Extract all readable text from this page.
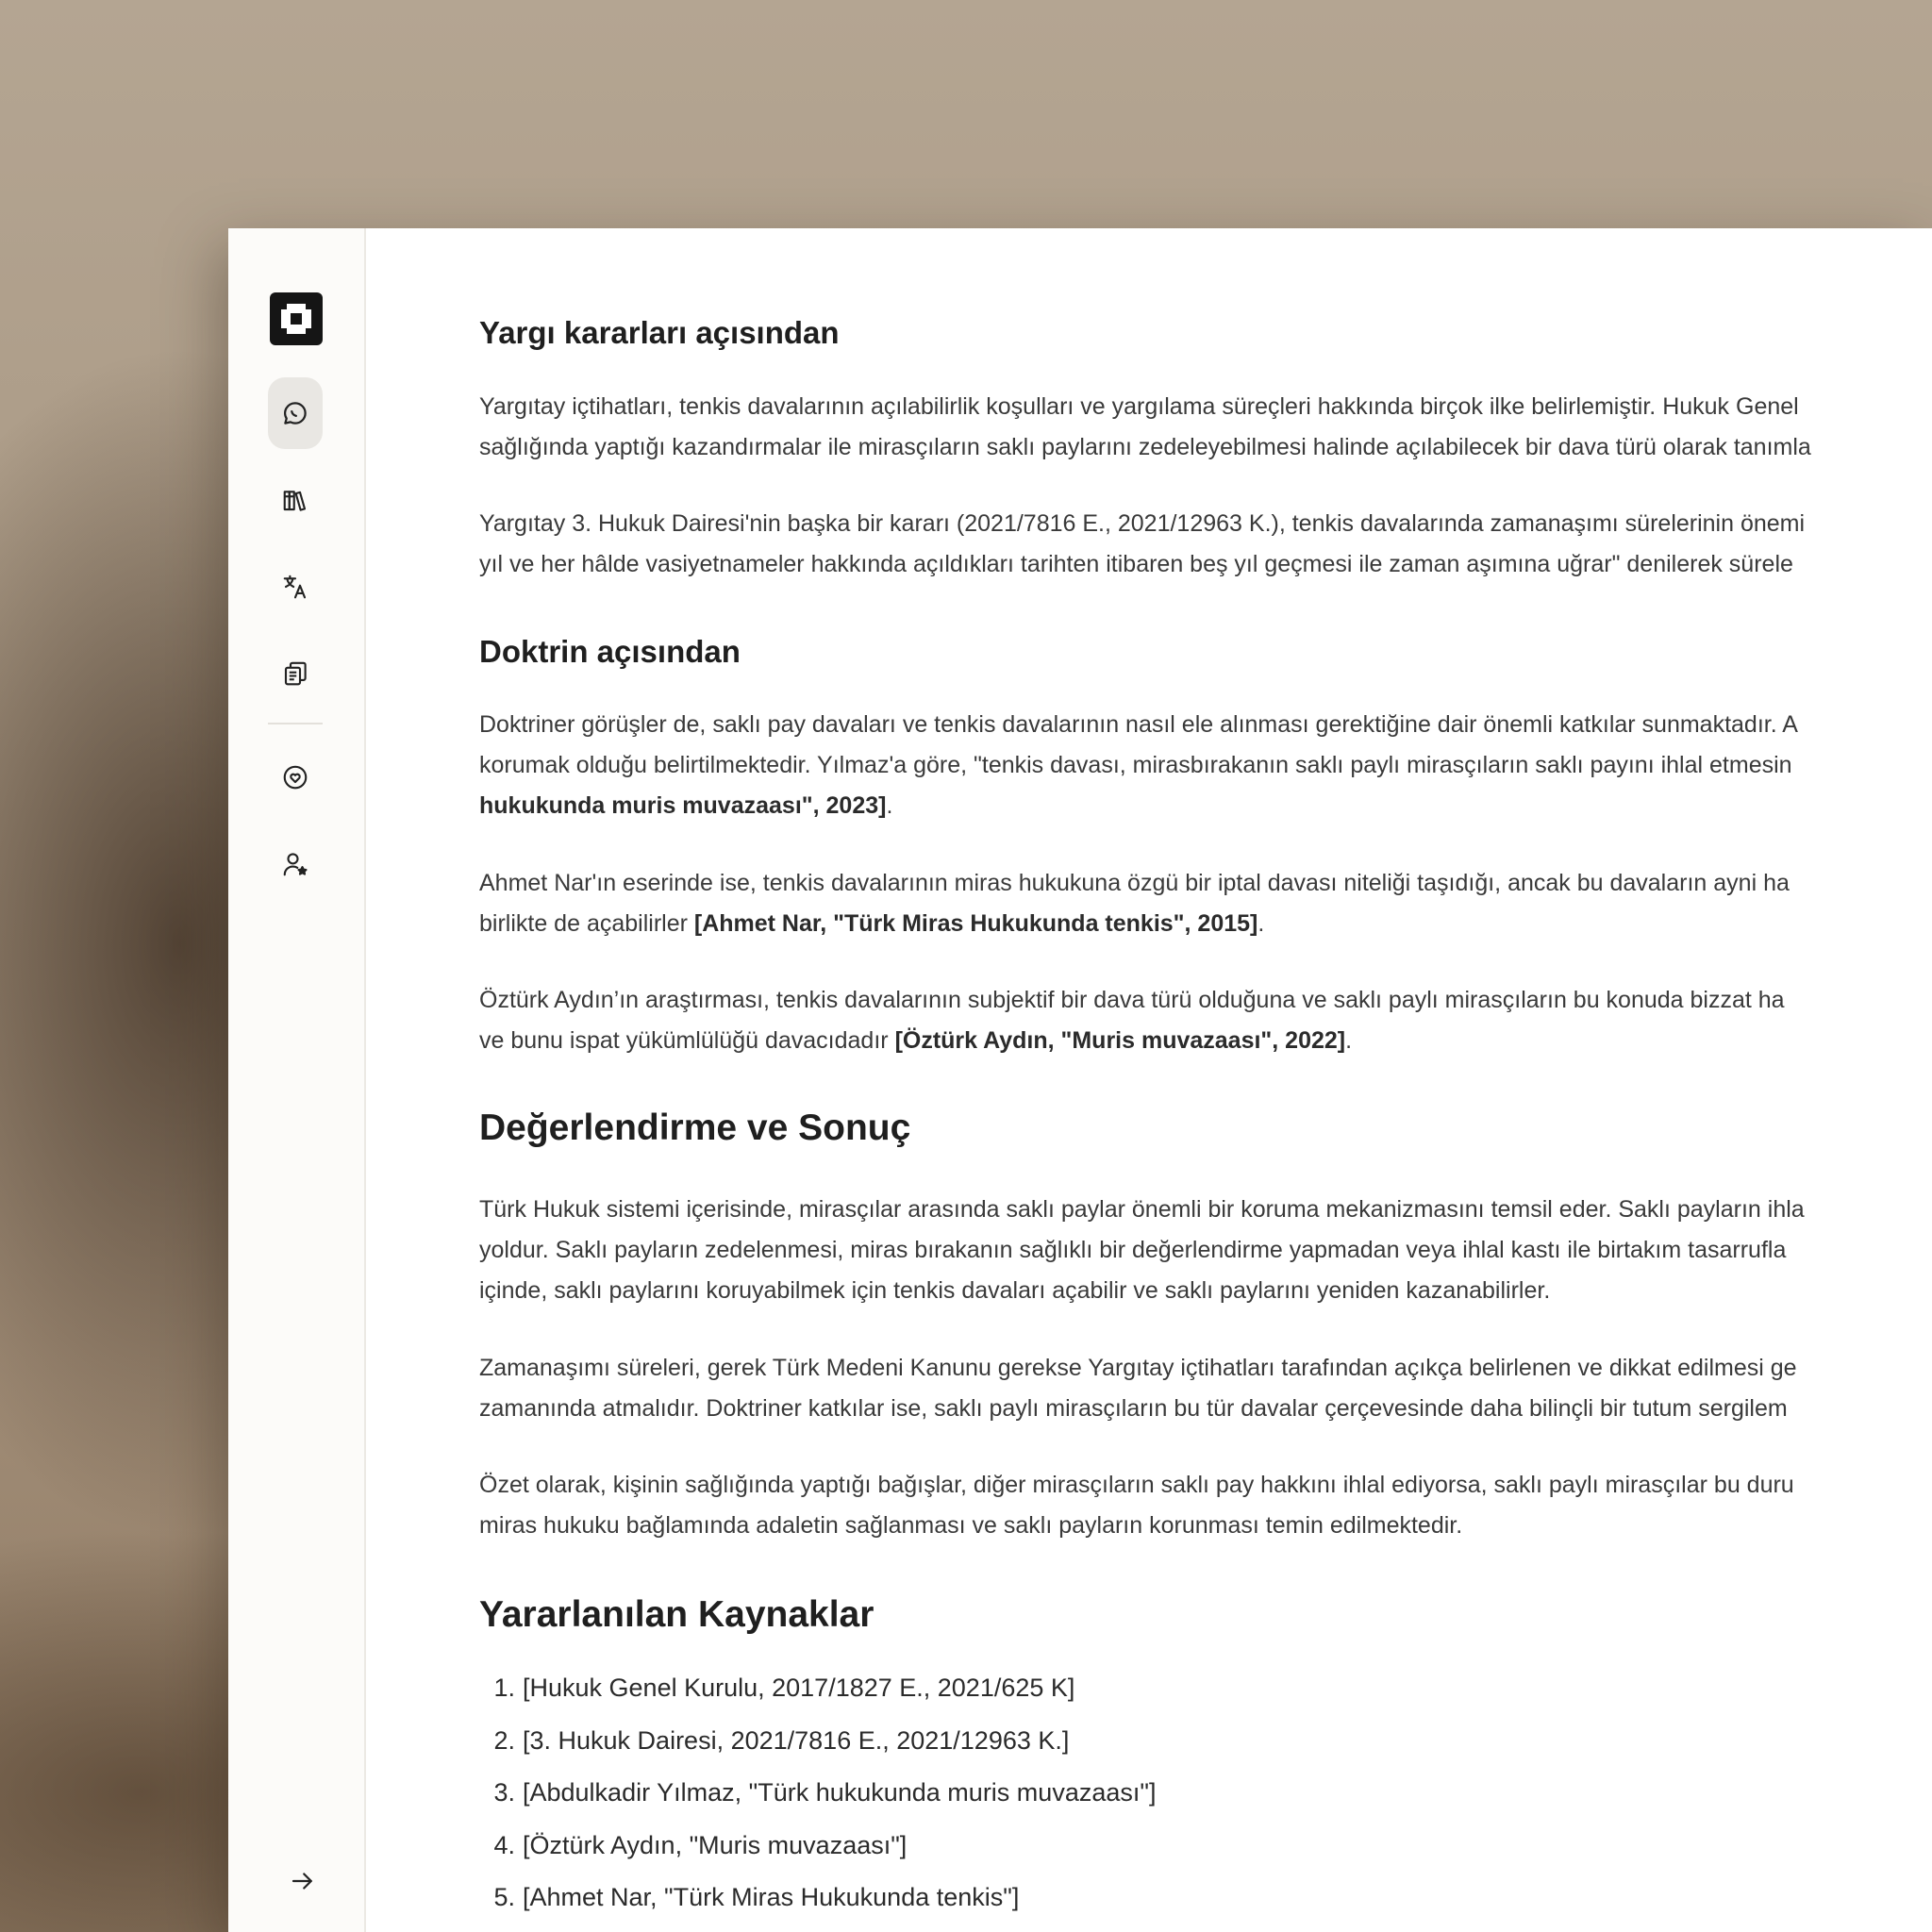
Yargı kararları açısından
Yargıtay içtihatları, tenkis davalarının açılabilirlik koşulları ve yargılama süreçleri hakkında birçok ilke belirlemiştir. Hukuk Genel
sağlığında yaptığı kazandırmalar ile mirasçıların saklı paylarını zedeleyebilmesi halinde açılabilecek bir dava türü olarak tanımla
Yargıtay 3. Hukuk Dairesi'nin başka bir kararı (2021/7816 E., 2021/12963 K.), tenkis davalarında zamanaşımı sürelerinin önemi
yıl ve her hâlde vasiyetnameler hakkında açıldıkları tarihten itibaren beş yıl geçmesi ile zaman aşımına uğrar" denilerek sürele
Doktrin açısından
Doktriner görüşler de, saklı pay davaları ve tenkis davalarının nasıl ele alınması gerektiğine dair önemli katkılar sunmaktadır. A
korumak olduğu belirtilmektedir. Yılmaz'a göre, "tenkis davası, mirasbırakanın saklı paylı mirasçıların saklı payını ihlal etmesin
hukukunda muris muvazaası", 2023].
Ahmet Nar'ın eserinde ise, tenkis davalarının miras hukukuna özgü bir iptal davası niteliği taşıdığı, ancak bu davaların ayni ha
birlikte de açabilirler [Ahmet Nar, "Türk Miras Hukukunda tenkis", 2015].
Öztürk Aydın’ın araştırması, tenkis davalarının subjektif bir dava türü olduğuna ve saklı paylı mirasçıların bu konuda bizzat ha
ve bunu ispat yükümlülüğü davacıdadır [Öztürk Aydın, "Muris muvazaası", 2022].
Değerlendirme ve Sonuç
Türk Hukuk sistemi içerisinde, mirasçılar arasında saklı paylar önemli bir koruma mekanizmasını temsil eder. Saklı payların ihla
yoldur. Saklı payların zedelenmesi, miras bırakanın sağlıklı bir değerlendirme yapmadan veya ihlal kastı ile birtakım tasarrufla
içinde, saklı paylarını koruyabilmek için tenkis davaları açabilir ve saklı paylarını yeniden kazanabilirler.
Zamanaşımı süreleri, gerek Türk Medeni Kanunu gerekse Yargıtay içtihatları tarafından açıkça belirlenen ve dikkat edilmesi ge
zamanında atmalıdır. Doktriner katkılar ise, saklı paylı mirasçıların bu tür davalar çerçevesinde daha bilinçli bir tutum sergilem
Özet olarak, kişinin sağlığında yaptığı bağışlar, diğer mirasçıların saklı pay hakkını ihlal ediyorsa, saklı paylı mirasçılar bu duru
miras hukuku bağlamında adaletin sağlanması ve saklı payların korunması temin edilmektedir.
Yararlanılan Kaynaklar
1. [Hukuk Genel Kurulu, 2017/1827 E., 2021/625 K]
2. [3. Hukuk Dairesi, 2021/7816 E., 2021/12963 K.]
3. [Abdulkadir Yılmaz, "Türk hukukunda muris muvazaası"]
4. [Öztürk Aydın, "Muris muvazaası"]
5. [Ahmet Nar, "Türk Miras Hukukunda tenkis"]
